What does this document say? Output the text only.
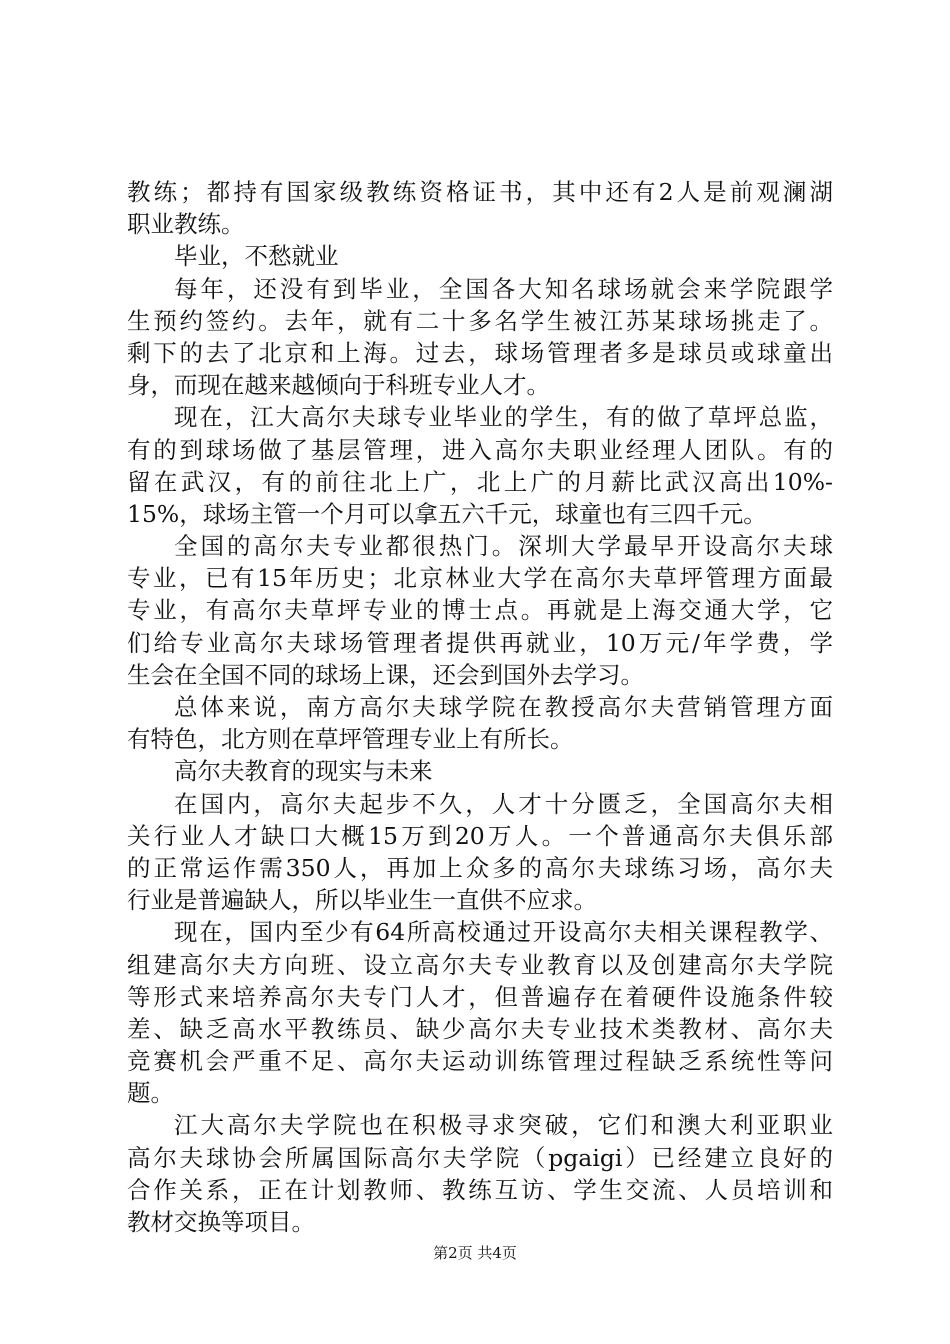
教练；都持有国家级教练资格证书，其中还有2人是前观澜湖
职业教练。
毕业，不愁就业
每年，还没有到毕业，全国各大知名球场就会来学院跟学
生预约签约。去年，就有二十多名学生被江苏某球场挑走了。
剩下的去了北京和上海。过去，球场管理者多是球员或球童出
身，而现在越来越倾向于科班专业人才。
现在，江大高尔夫球专业毕业的学生，有的做了草坪总监，
有的到球场做了基层管理，进入高尔夫职业经理人团队。有的
留在武汉，有的前往北上广，北上广的月薪比武汉高出10%-
15%，球场主管一个月可以拿五六千元，球童也有三四千元。
全国的高尔夫专业都很热门。深圳大学最早开设高尔夫球
专业，已有15年历史；北京林业大学在高尔夫草坪管理方面最
专业，有高尔夫草坪专业的博士点。再就是上海交通大学，它
们给专业高尔夫球场管理者提供再就业，10万元/年学费，学
生会在全国不同的球场上课，还会到国外去学习。
总体来说，南方高尔夫球学院在教授高尔夫营销管理方面
有特色，北方则在草坪管理专业上有所长。
高尔夫教育的现实与未来
在国内，高尔夫起步不久，人才十分匮乏，全国高尔夫相
关行业人才缺口大概15万到20万人。一个普通高尔夫俱乐部
的正常运作需350人，再加上众多的高尔夫球练习场，高尔夫
行业是普遍缺人，所以毕业生一直供不应求。
现在，国内至少有64所高校通过开设高尔夫相关课程教学、
组建高尔夫方向班、设立高尔夫专业教育以及创建高尔夫学院
等形式来培养高尔夫专门人才，但普遍存在着硬件设施条件较
差、缺乏高水平教练员、缺少高尔夫专业技术类教材、高尔夫
竞赛机会严重不足、高尔夫运动训练管理过程缺乏系统性等问
题。
江大高尔夫学院也在积极寻求突破，它们和澳大利亚职业
高尔夫球协会所属国际高尔夫学院（pgaigi）已经建立良好的
合作关系，正在计划教师、教练互访、学生交流、人员培训和
教材交换等项目。
第2页 共4页
